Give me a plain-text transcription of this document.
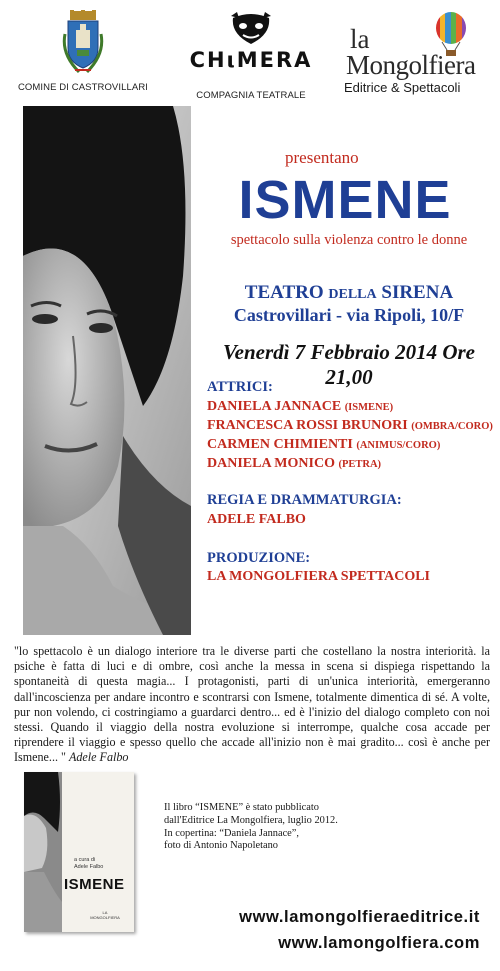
COMINE DI CASTROVILLARI
CHιMERA
COMPAGNIA TEATRALE
la
Mongolfiera
Editrice & Spettacoli
presentano
ISMENE
spettacolo sulla violenza contro le donne
TEATRO DELLA SIRENA
Castrovillari - via Ripoli, 10/F
Venerdì 7 Febbraio 2014 Ore 21,00
ATTRICI:
DANIELA JANNACE (ISMENE)
FRANCESCA ROSSI BRUNORI (OMBRA/CORO)
CARMEN CHIMIENTI (ANIMUS/CORO)
DANIELA MONICO (PETRA)
REGIA E DRAMMATURGIA:
ADELE FALBO
PRODUZIONE:
LA MONGOLFIERA SPETTACOLI
"lo spettacolo è un dialogo interiore tra le diverse parti che costellano la nostra interiorità. la psiche è fatta di luci e di ombre, così anche la messa in scena si dispiega rispettando la spontaneità di questa magia... I protagonisti, parti di un'unica interiorità, emergeranno dall'incoscienza per andare incontro e scontrarsi con Ismene, totalmente dimentica di sé. A volte, pur non volendo, ci costringiamo a guardarci dentro... ed è l'inizio del dialogo completo con noi stessi. Quando il viaggio della nostra evoluzione si interrompe, qualche cosa accade per riprendere il viaggio e spesso quello che accade all'inizio non è mai gradito... così è anche per Ismene... " Adele Falbo
a cura di
Adele Falbo
ISMENE
LA MONGOLFIERA
Il libro “ISMENE” è stato pubblicato
dall'Editrice La Mongolfiera, luglio 2012.
In copertina: “Daniela Jannace”,
foto di Antonio Napoletano
www.lamongolfieraeditrice.it
www.lamongolfiera.com
